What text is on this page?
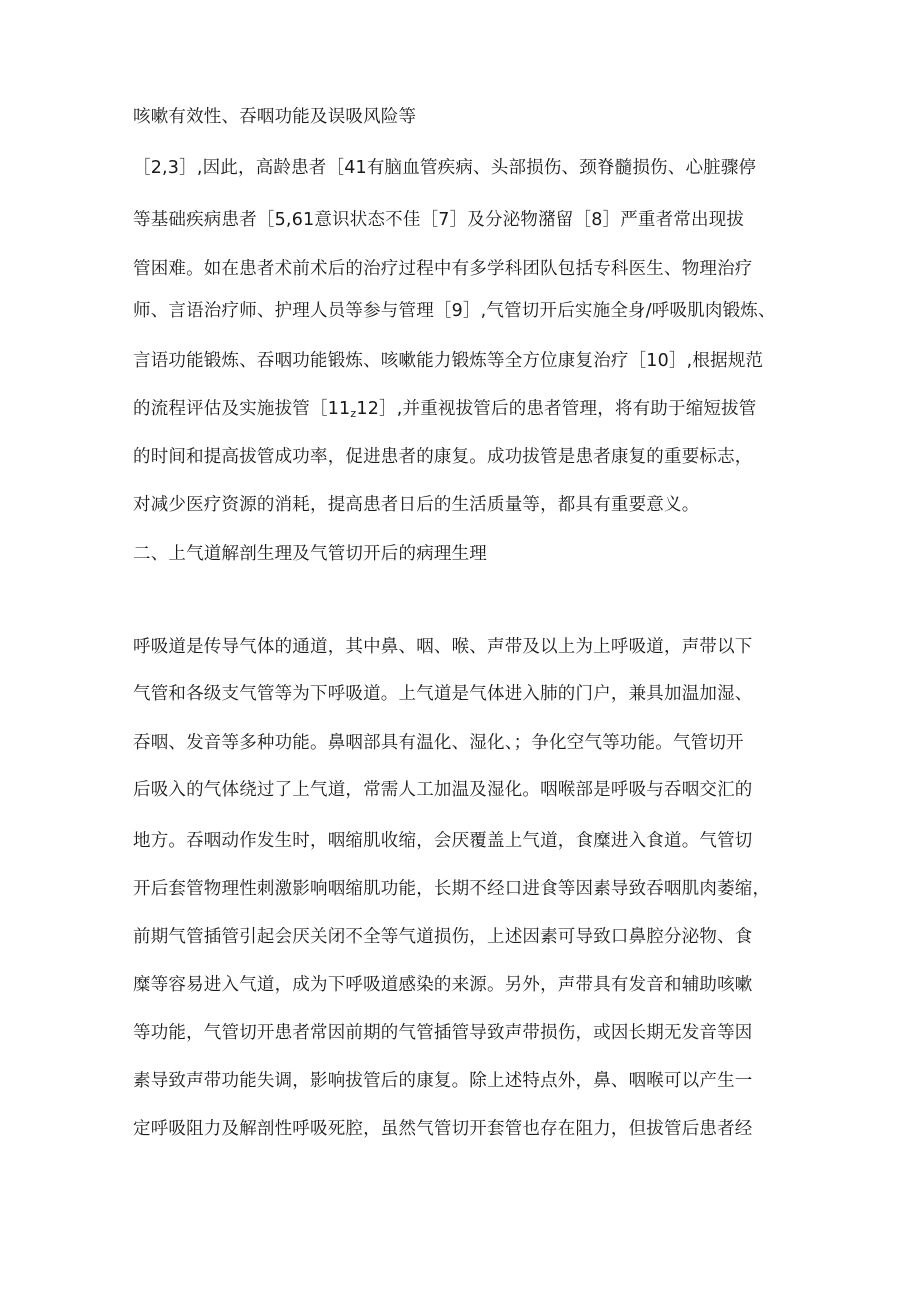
咳嗽有效性、吞咽功能及误吸风险等
［2,3］,因此，高龄患者［41有脑血管疾病、头部损伤、颈脊髓损伤、心脏骤停
等基础疾病患者［5,61意识状态不佳［7］及分泌物潴留［8］严重者常出现拔
管困难。如在患者术前术后的治疗过程中有多学科团队包括专科医生、物理治疗
师、言语治疗师、护理人员等参与管理［9］,气管切开后实施全身/呼吸肌肉锻炼、
言语功能锻炼、吞咽功能锻炼、咳嗽能力锻炼等全方位康复治疗［10］,根据规范
的流程评估及实施拔管$[11_z12]$,并重视拔管后的患者管理，将有助于缩短拔管
的时间和提高拔管成功率，促进患者的康复。成功拔管是患者康复的重要标志，
对减少医疗资源的消耗，提高患者日后的生活质量等，都具有重要意义。
二、上气道解剖生理及气管切开后的病理生理
呼吸道是传导气体的通道，其中鼻、咽、喉、声带及以上为上呼吸道，声带以下
气管和各级支气管等为下呼吸道。上气道是气体进入肺的门户，兼具加温加湿、
吞咽、发音等多种功能。鼻咽部具有温化、湿化、；争化空气等功能。气管切开
后吸入的气体绕过了上气道，常需人工加温及湿化。咽喉部是呼吸与吞咽交汇的
地方。吞咽动作发生时，咽缩肌收缩，会厌覆盖上气道，食糜进入食道。气管切
开后套管物理性刺激影响咽缩肌功能，长期不经口进食等因素导致吞咽肌肉萎缩，
前期气管插管引起会厌关闭不全等气道损伤，上述因素可导致口鼻腔分泌物、食
糜等容易进入气道，成为下呼吸道感染的来源。另外，声带具有发音和辅助咳嗽
等功能，气管切开患者常因前期的气管插管导致声带损伤，或因长期无发音等因
素导致声带功能失调，影响拔管后的康复。除上述特点外，鼻、咽喉可以产生一
定呼吸阻力及解剖性呼吸死腔，虽然气管切开套管也存在阻力，但拔管后患者经
